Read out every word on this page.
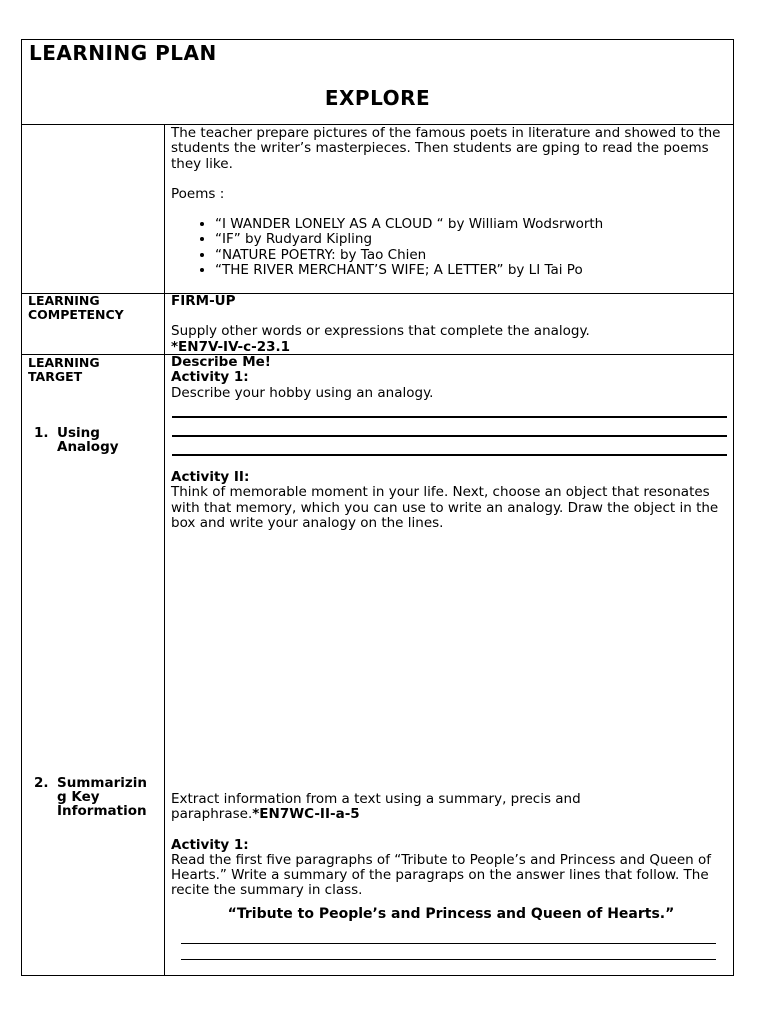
LEARNING PLAN
EXPLORE

The teacher prepare pictures of the famous poets in literature and showed to the students the writer’s masterpieces. Then students are gping to read the poems they like.

Poems :

• “I WANDER LONELY AS A CLOUD “ by William Wodsrworth
• “IF” by Rudyard Kipling
• “NATURE POETRY: by Tao Chien
• “THE RIVER MERCHANT’S WIFE; A LETTER” by LI Tai Po
LEARNING COMPETENCY
FIRM-UP
Supply other words or expressions that complete the analogy.
*EN7V-IV-c-23.1
LEARNING TARGET
1. Using Analogy
2. Summarizin g Key Information
Describe Me!
Activity 1:
Describe your hobby using an analogy.
Activity II:
Think of memorable moment in your life. Next, choose an object that resonates with that memory, which you can use to write an analogy. Draw the object in the box and write your analogy on the lines.
Extract information from a text using a summary, precis and paraphrase.*EN7WC-II-a-5
Activity 1:
Read the first five paragraphs of “Tribute to People’s and Princess and Queen of Hearts.” Write a summary of the paragraps on the answer lines that follow. The recite the summary in class.
“Tribute to People’s and Princess and Queen of Hearts.”
